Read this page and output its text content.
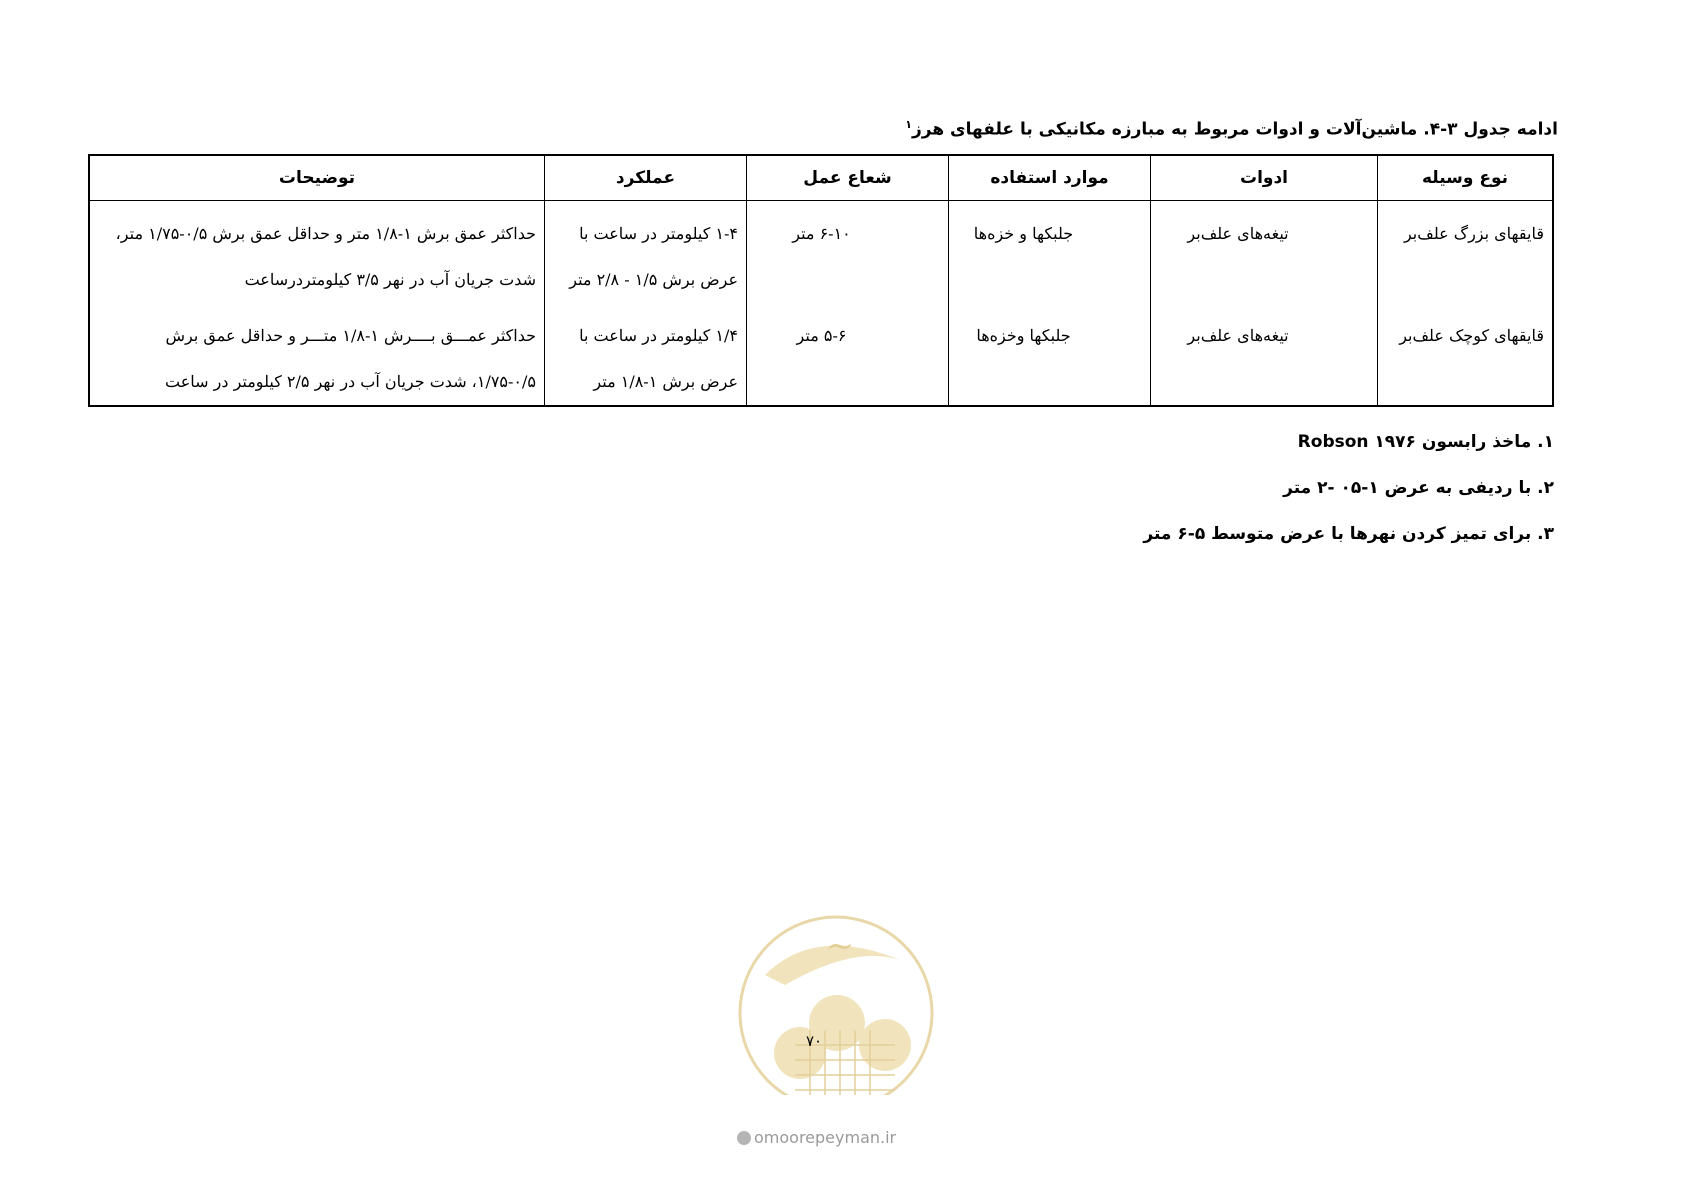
ادامه جدول ۳-۴. ماشین‌آلات و ادوات مربوط به مبارزه مکانیکی با علفهای هرز$^۱$
نوع وسیله	ادوات	موارد استفاده	شعاع عمل	عملکرد	توضیحات
قایقهای بزرگ علف‌بر	تیغه‌های علف‌بر	جلبکها و خزه‌ها	۶-۱۰ متر	۱-۴ کیلومتر در ساعت با عرض برش ۱/۵ - ۲/۸ متر	حداکثر عمق برش ۱-۱/۸ متر و حداقل عمق برش ۰/۵-۱/۷۵ متر، شدت جریان آب در نهر ۳/۵ کیلومتردرساعت
قایقهای کوچک علف‌بر	تیغه‌های علف‌بر	جلبکها وخزه‌ها	۵-۶ متر	۱/۴ کیلومتر در ساعت با عرض برش ۱-۱/۸ متر	حداکثر عمـــق بــــرش ۱-۱/۸ متـــر و حداقل عمق برش ۰/۵-۱/۷۵، شدت جریان آب در نهر ۲/۵ کیلومتر در ساعت
۱. ماخذ رابسون Robson ۱۹۷۶
۲. با ردیفی به عرض ۱-۰۵ -۲ متر
۳. برای تمیز کردن نهرها با عرض متوسط ۵-۶ متر
~
۷۰
omoorepeyman.ir
